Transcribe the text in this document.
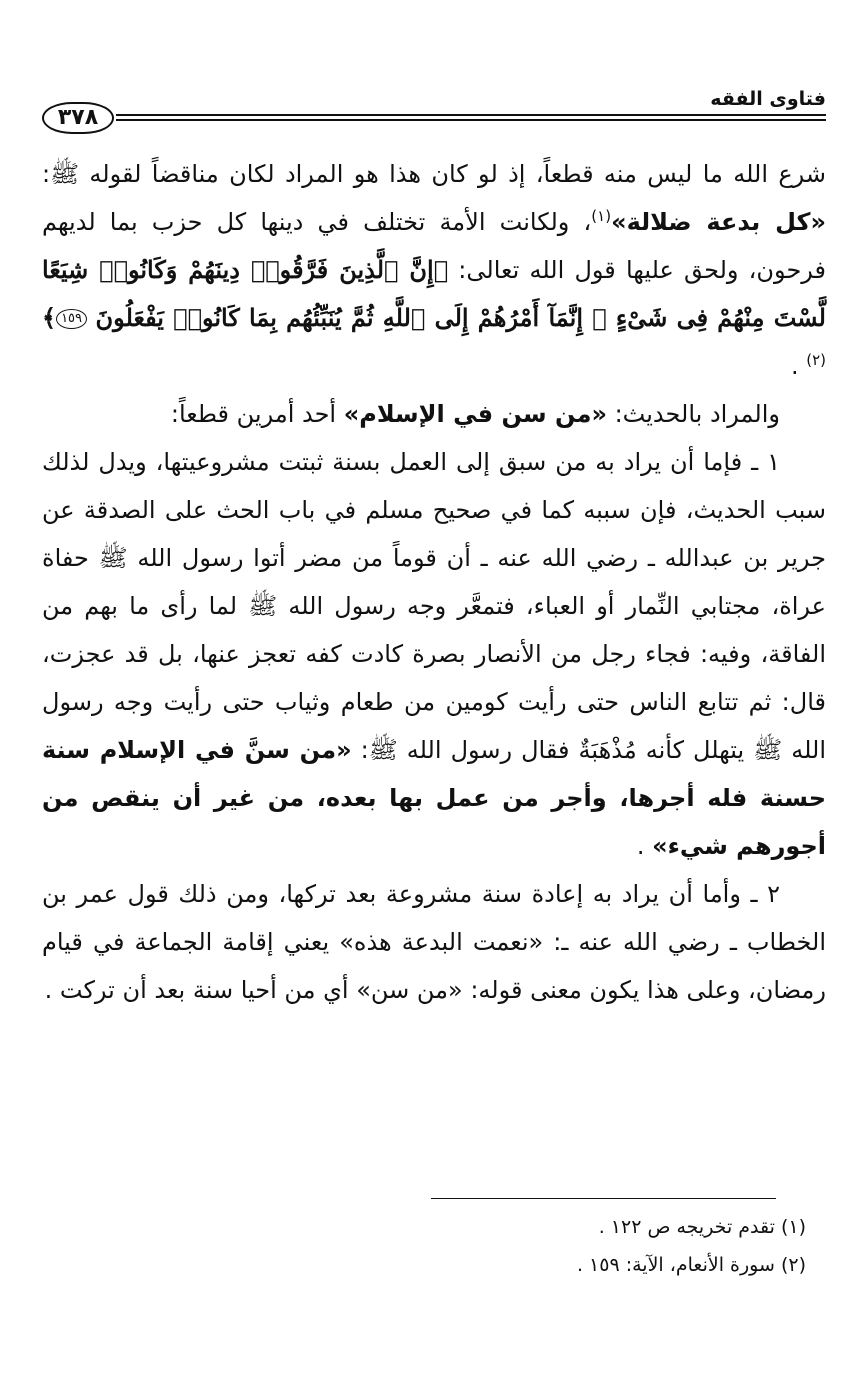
فتاوى الفقه
٣٧٨

شرع الله ما ليس منه قطعاً، إذ لو كان هذا هو المراد لكان مناقضاً لقوله ﷺ: «كل بدعة ضلالة»$^{(١)}$، ولكانت الأمة تختلف في دينها كل حزب بما لديهم فرحون، ولحق عليها قول الله تعالى: ﴿إِنَّ ٱلَّذِينَ فَرَّقُوا۟ دِينَهُمْ وَكَانُوا۟ شِيَعًا لَّسْتَ مِنْهُمْ فِى شَىْءٍ ۚ إِنَّمَآ أَمْرُهُمْ إِلَى ٱللَّهِ ثُمَّ يُنَبِّئُهُم بِمَا كَانُوا۟ يَفْعَلُونَ ١٥٩﴾$^{(٢)}$ .

والمراد بالحديث: «من سن في الإسلام» أحد أمرين قطعاً:

١ ـ فإما أن يراد به من سبق إلى العمل بسنة ثبتت مشروعيتها، ويدل لذلك سبب الحديث، فإن سببه كما في صحيح مسلم في باب الحث على الصدقة عن جرير بن عبدالله ـ رضي الله عنه ـ أن قوماً من مضر أتوا رسول الله ﷺ حفاة عراة، مجتابي النِّمار أو العباء، فتمعَّر وجه رسول الله ﷺ لما رأى ما بهم من الفاقة، وفيه: فجاء رجل من الأنصار بصرة كادت كفه تعجز عنها، بل قد عجزت، قال: ثم تتابع الناس حتى رأيت كومين من طعام وثياب حتى رأيت وجه رسول الله ﷺ يتهلل كأنه مُذْهَبَةٌ فقال رسول الله ﷺ: «من سنَّ في الإسلام سنة حسنة فله أجرها، وأجر من عمل بها بعده، من غير أن ينقص من أجورهم شيء» .

٢ ـ وأما أن يراد به إعادة سنة مشروعة بعد تركها، ومن ذلك قول عمر بن الخطاب ـ رضي الله عنه ـ: «نعمت البدعة هذه» يعني إقامة الجماعة في قيام رمضان، وعلى هذا يكون معنى قوله: «من سن» أي من أحيا سنة بعد أن تركت .

(١) تقدم تخريجه ص ١٢٢ .

(٢) سورة الأنعام، الآية: ١٥٩ .
